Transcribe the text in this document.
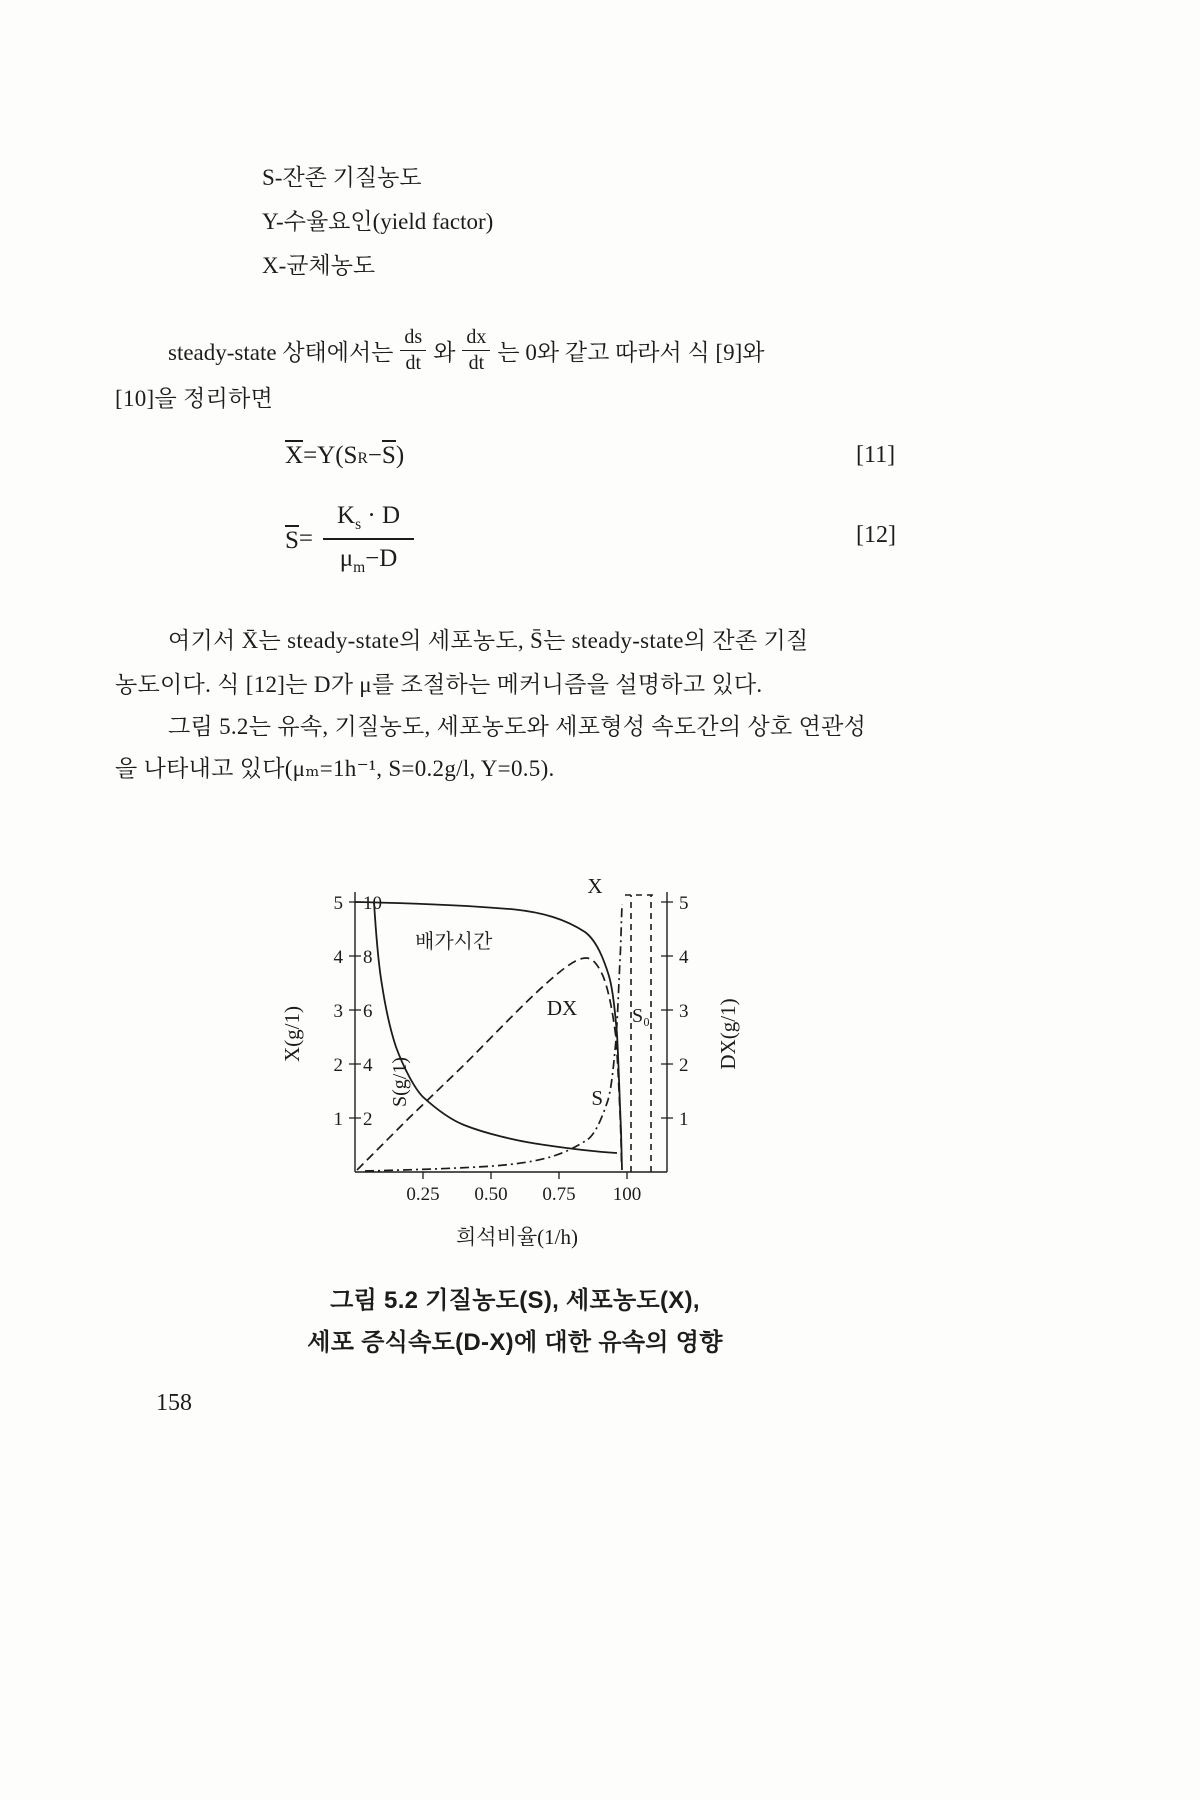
S-잔존 기질농도
Y-수율요인(yield factor)
X-균체농도
steady-state 상태에서는 $\frac{ds}{dt}$ 와 $\frac{dx}{dt}$ 는 0와 같고 따라서 식 [9]와
[10]을 정리하면
X =Y(S R − S )	[11]
$S = \frac{K_s \cdot D}{\mu_m-D}$	[12]
여기서 X̄는 steady-state의 세포농도, S̄는 steady-state의 잔존 기질
농도이다. 식 [12]는 D가 μ를 조절하는 메커니즘을 설명하고 있다.
그림 5.2는 유속, 기질농도, 세포농도와 세포형성 속도간의 상호 연관성
을 나타내고 있다(μₘ=1h⁻¹, S=0.2g/l, Y=0.5).
5
4
3
2
1
10
8
6
4
2
5
4
3
2
1
0.25 0.50 0.75 100
X
배가시간
DX
S
S₀
X(g/1)
S(g/1)
DX(g/1)
희석비율(1/h)
그림 5.2 기질농도(S), 세포농도(X),
세포 증식속도(D-X)에 대한 유속의 영향
158
